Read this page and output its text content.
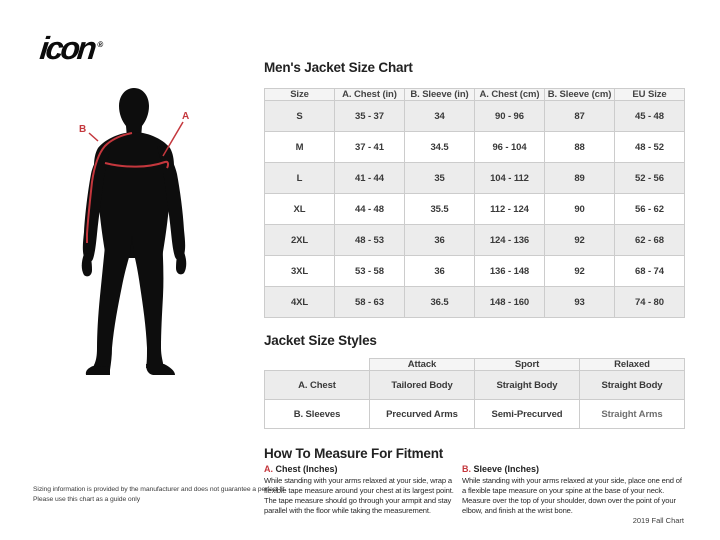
icon®
A
B
Men's Jacket Size Chart
Size	A. Chest (in)	B. Sleeve (in)	A. Chest (cm)	B. Sleeve (cm)	EU Size
S	35 - 37	34	90 - 96	87	45 - 48
M	37 - 41	34.5	96 - 104	88	48 - 52
L	41 - 44	35	104 - 112	89	52 - 56
XL	44 - 48	35.5	112 - 124	90	56 - 62
2XL	48 - 53	36	124 - 136	92	62 - 68
3XL	53 - 58	36	136 - 148	92	68 - 74
4XL	58 - 63	36.5	148 - 160	93	74 - 80
Jacket Size Styles
	Attack	Sport	Relaxed
A. Chest	Tailored Body	Straight Body	Straight Body
B. Sleeves	Precurved Arms	Semi-Precurved	Straight Arms
How To Measure For Fitment
A. Chest (Inches)
While standing with your arms relaxed at your side, wrap a flexible tape measure around your chest at its largest point. The tape measure should go through your armpit and stay parallel with the floor while taking the measurement.
B. Sleeve (Inches)
While standing with your arms relaxed at your side, place one end of a flexible tape measure on your spine at the base of your neck. Measure over the top of your shoulder, down over the point of your elbow, and finish at the wrist bone.
Sizing information is provided by the manufacturer and does not guarantee a perfect fit.
Please use this chart as a guide only
2019 Fall Chart
